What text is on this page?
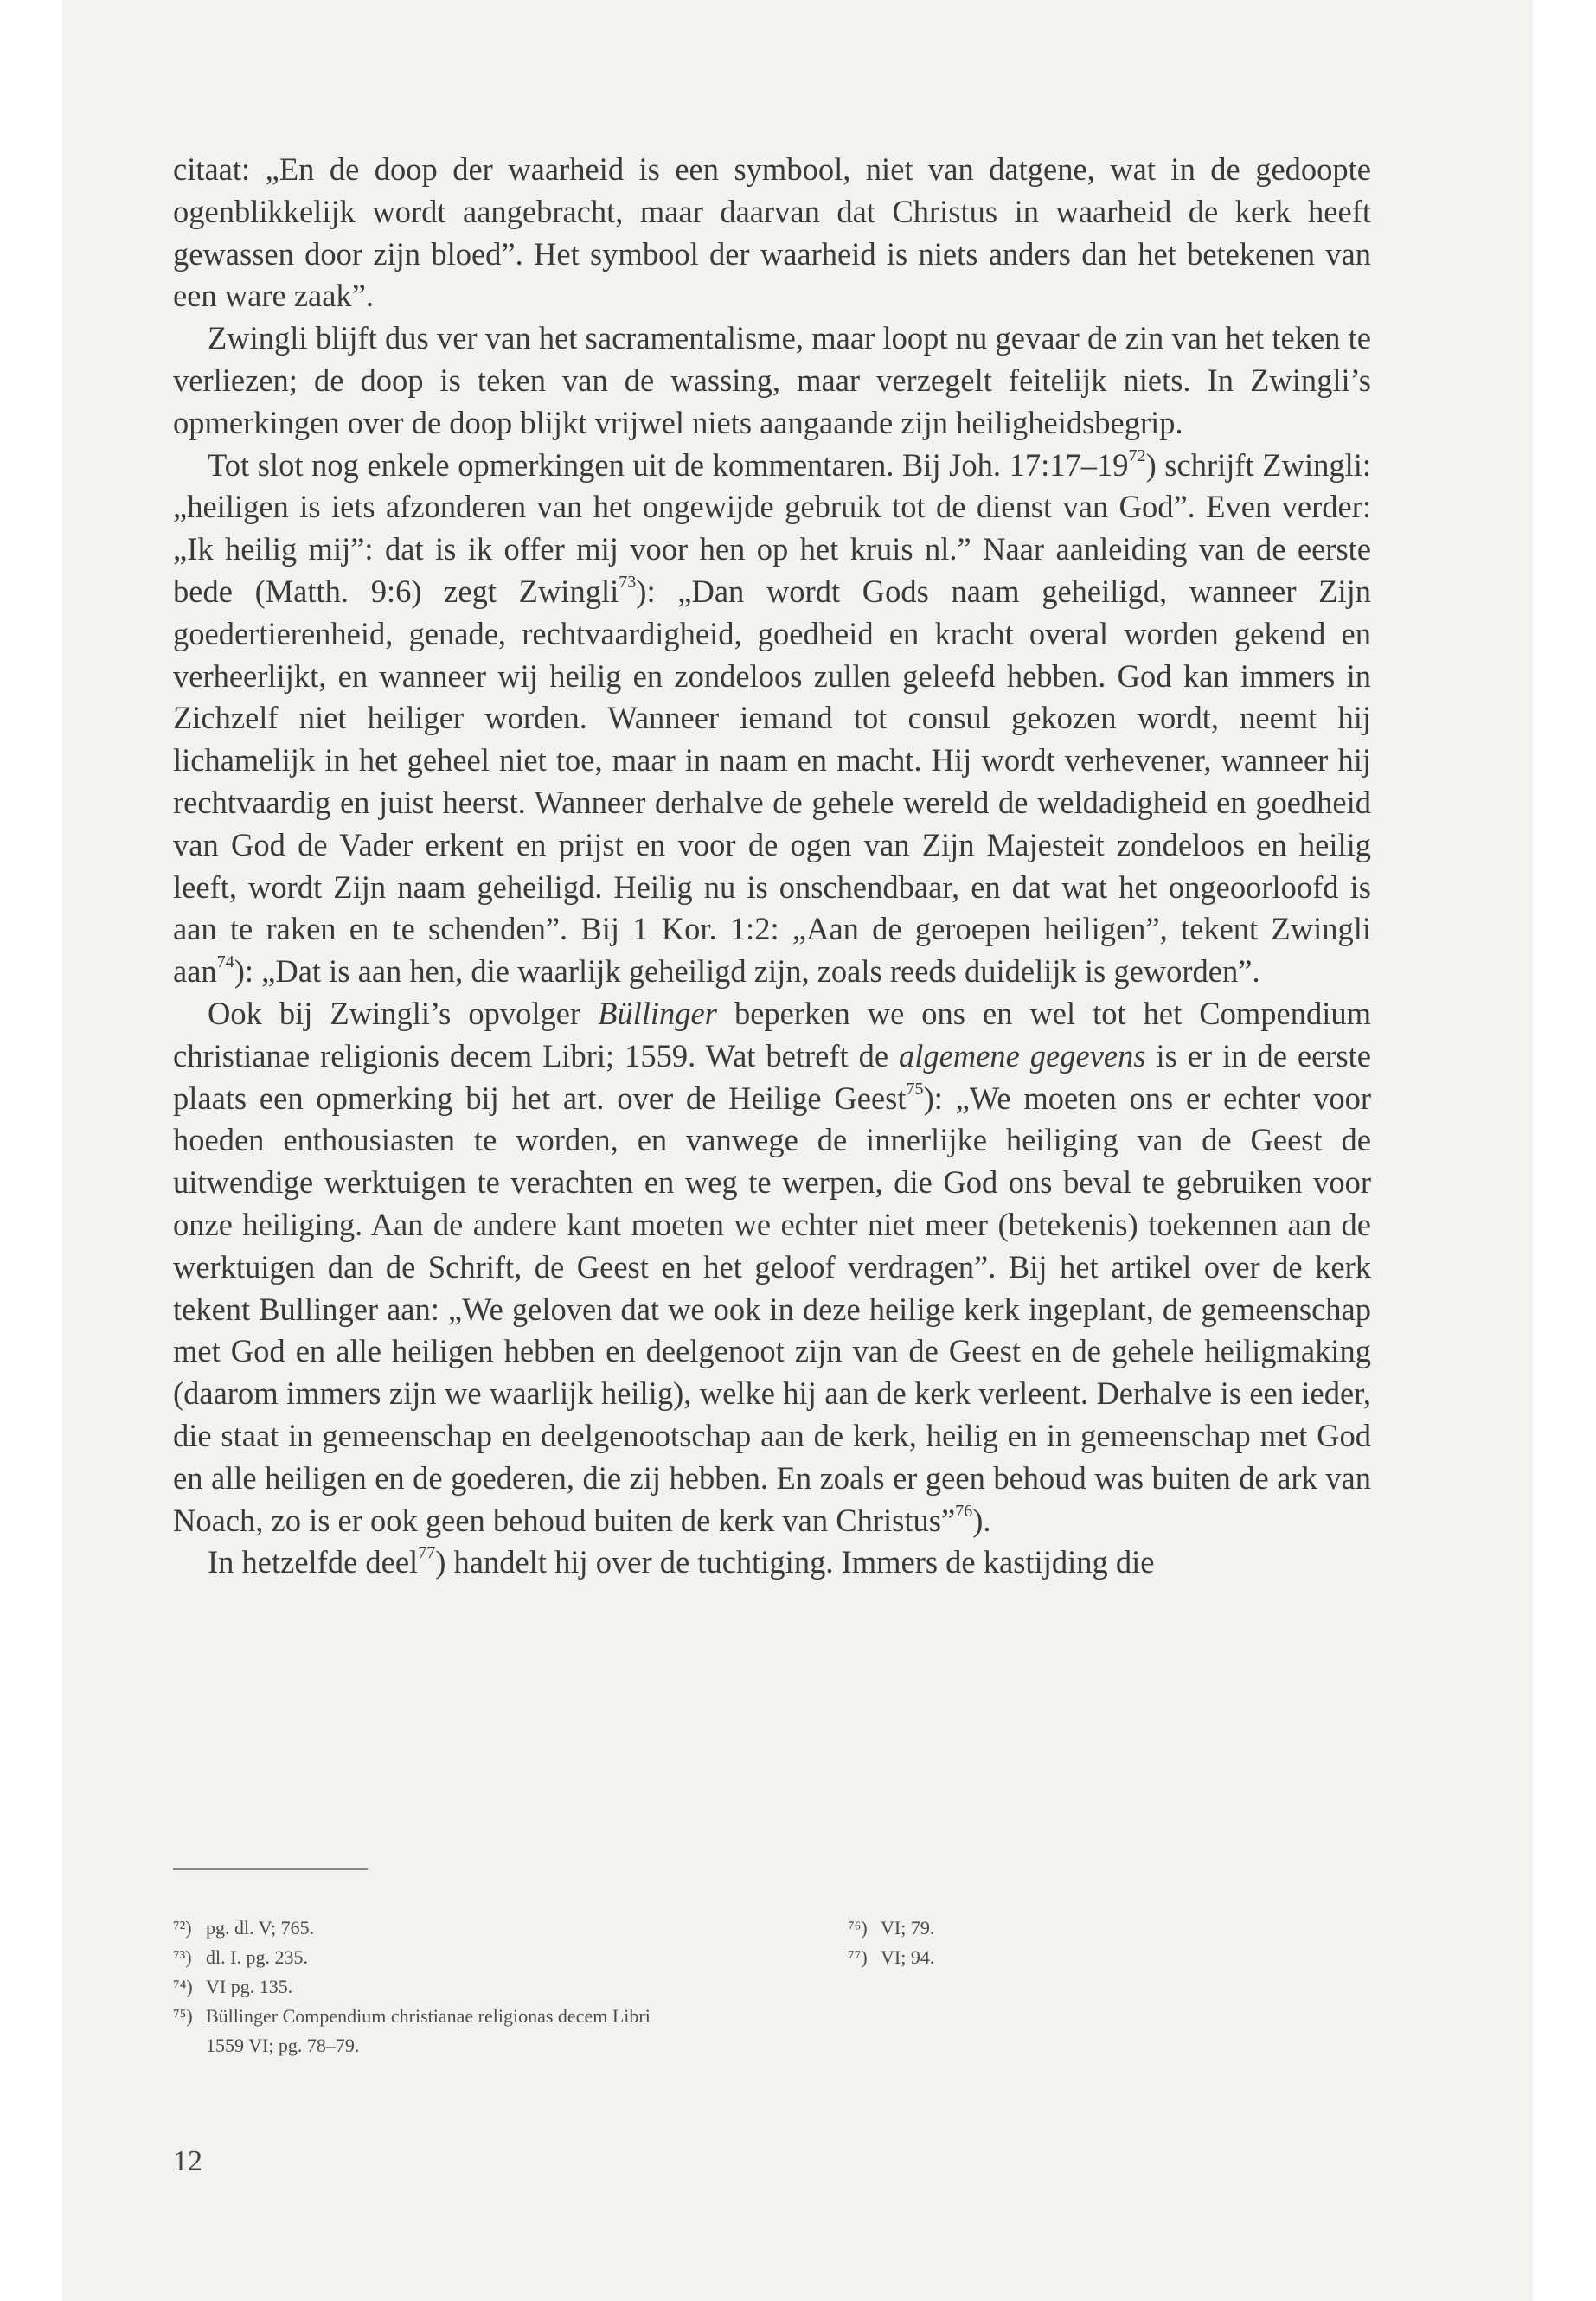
citaat: „En de doop der waarheid is een symbool, niet van datgene, wat in de gedoopte ogenblikkelijk wordt aangebracht, maar daarvan dat Christus in waarheid de kerk heeft gewassen door zijn bloed”. Het symbool der waarheid is niets anders dan het betekenen van een ware zaak”.

Zwingli blijft dus ver van het sacramentalisme, maar loopt nu gevaar de zin van het teken te verliezen; de doop is teken van de wassing, maar verzegelt feitelijk niets. In Zwingli’s opmerkingen over de doop blijkt vrijwel niets aangaande zijn heiligheidsbegrip.

Tot slot nog enkele opmerkingen uit de kommentaren. Bij Joh. 17:17–19$^{72}$) schrijft Zwingli: „heiligen is iets afzonderen van het ongewijde gebruik tot de dienst van God”. Even verder: „Ik heilig mij”: dat is ik offer mij voor hen op het kruis nl.” Naar aanleiding van de eerste bede (Matth. 9:6) zegt Zwingli$^{73}$): „Dan wordt Gods naam geheiligd, wanneer Zijn goedertierenheid, genade, rechtvaardigheid, goedheid en kracht overal worden gekend en verheerlijkt, en wanneer wij heilig en zondeloos zullen geleefd hebben. God kan immers in Zichzelf niet heiliger worden. Wanneer iemand tot consul gekozen wordt, neemt hij lichamelijk in het geheel niet toe, maar in naam en macht. Hij wordt verhevener, wanneer hij rechtvaardig en juist heerst. Wanneer derhalve de gehele wereld de weldadigheid en goedheid van God de Vader erkent en prijst en voor de ogen van Zijn Majesteit zondeloos en heilig leeft, wordt Zijn naam geheiligd. Heilig nu is onschendbaar, en dat wat het ongeoorloofd is aan te raken en te schenden”. Bij 1 Kor. 1:2: „Aan de geroepen heiligen”, tekent Zwingli aan$^{74}$): „Dat is aan hen, die waarlijk geheiligd zijn, zoals reeds duidelijk is geworden”.

Ook bij Zwingli’s opvolger Büllinger beperken we ons en wel tot het Compendium christianae religionis decem Libri; 1559. Wat betreft de algemene gegevens is er in de eerste plaats een opmerking bij het art. over de Heilige Geest$^{75}$): „We moeten ons er echter voor hoeden enthousiasten te worden, en vanwege de innerlijke heiliging van de Geest de uitwendige werktuigen te verachten en weg te werpen, die God ons beval te gebruiken voor onze heiliging. Aan de andere kant moeten we echter niet meer (betekenis) toekennen aan de werktuigen dan de Schrift, de Geest en het geloof verdragen”. Bij het artikel over de kerk tekent Bullinger aan: „We geloven dat we ook in deze heilige kerk ingeplant, de gemeenschap met God en alle heiligen hebben en deelgenoot zijn van de Geest en de gehele heiligmaking (daarom immers zijn we waarlijk heilig), welke hij aan de kerk verleent. Derhalve is een ieder, die staat in gemeenschap en deelgenootschap aan de kerk, heilig en in gemeenschap met God en alle heiligen en de goederen, die zij hebben. En zoals er geen behoud was buiten de ark van Noach, zo is er ook geen behoud buiten de kerk van Christus”$^{76}$).

In hetzelfde deel$^{77}$) handelt hij over de tuchtiging. Immers de kastijding die

⁷²) pg. dl. V; 765.
⁷³) dl. I. pg. 235.
⁷⁴) VI pg. 135.
⁷⁵) Büllinger Compendium christianae religionas decem Libri 1559 VI; pg. 78–79.
⁷⁶) VI; 79.
⁷⁷) VI; 94.
12
